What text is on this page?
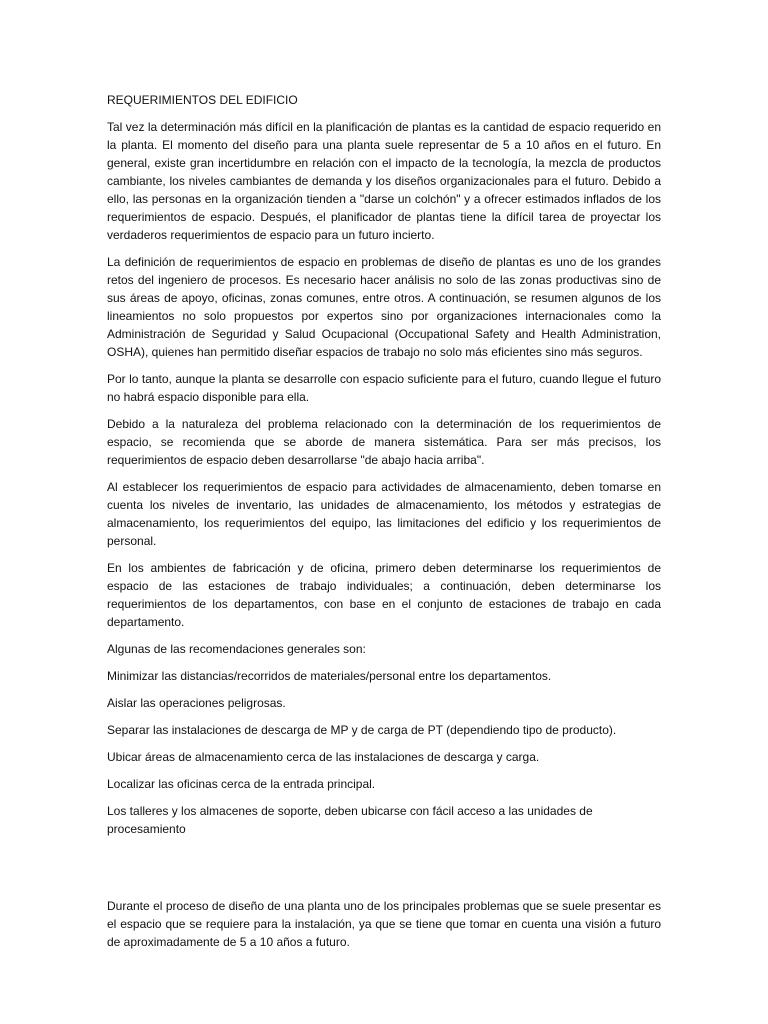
REQUERIMIENTOS DEL EDIFICIO

Tal vez la determinación más difícil en la planificación de plantas es la cantidad de espacio requerido en la planta. El momento del diseño para una planta suele representar de 5 a 10 años en el futuro. En general, existe gran incertidumbre en relación con el impacto de la tecnología, la mezcla de productos cambiante, los niveles cambiantes de demanda y los diseños organizacionales para el futuro. Debido a ello, las personas en la organización tienden a "darse un colchón" y a ofrecer estimados inflados de los requerimientos de espacio. Después, el planificador de plantas tiene la difícil tarea de proyectar los verdaderos requerimientos de espacio para un futuro incierto.

La definición de requerimientos de espacio en problemas de diseño de plantas es uno de los grandes retos del ingeniero de procesos. Es necesario hacer análisis no solo de las zonas productivas sino de sus áreas de apoyo, oficinas, zonas comunes, entre otros. A continuación, se resumen algunos de los lineamientos no solo propuestos por expertos sino por organizaciones internacionales como la Administración de Seguridad y Salud Ocupacional (Occupational Safety and Health Administration, OSHA), quienes han permitido diseñar espacios de trabajo no solo más eficientes sino más seguros.

Por lo tanto, aunque la planta se desarrolle con espacio suficiente para el futuro, cuando llegue el futuro no habrá espacio disponible para ella.

Debido a la naturaleza del problema relacionado con la determinación de los requerimientos de espacio, se recomienda que se aborde de manera sistemática. Para ser más precisos, los requerimientos de espacio deben desarrollarse "de abajo hacia arriba".

Al establecer los requerimientos de espacio para actividades de almacenamiento, deben tomarse en cuenta los niveles de inventario, las unidades de almacenamiento, los métodos y estrategias de almacenamiento, los requerimientos del equipo, las limitaciones del edificio y los requerimientos de personal.

En los ambientes de fabricación y de oficina, primero deben determinarse los requerimientos de espacio de las estaciones de trabajo individuales; a continuación, deben determinarse los requerimientos de los departamentos, con base en el conjunto de estaciones de trabajo en cada departamento.

Algunas de las recomendaciones generales son:

Minimizar las distancias/recorridos de materiales/personal entre los departamentos.

Aislar las operaciones peligrosas.

Separar las instalaciones de descarga de MP y de carga de PT (dependiendo tipo de producto).

Ubicar áreas de almacenamiento cerca de las instalaciones de descarga y carga.

Localizar las oficinas cerca de la entrada principal.

Los talleres y los almacenes de soporte, deben ubicarse con fácil acceso a las unidades de procesamiento

Durante el proceso de diseño de una planta uno de los principales problemas que se suele presentar es el espacio que se requiere para la instalación, ya que se tiene que tomar en cuenta una visión a futuro de aproximadamente de 5 a 10 años a futuro.
